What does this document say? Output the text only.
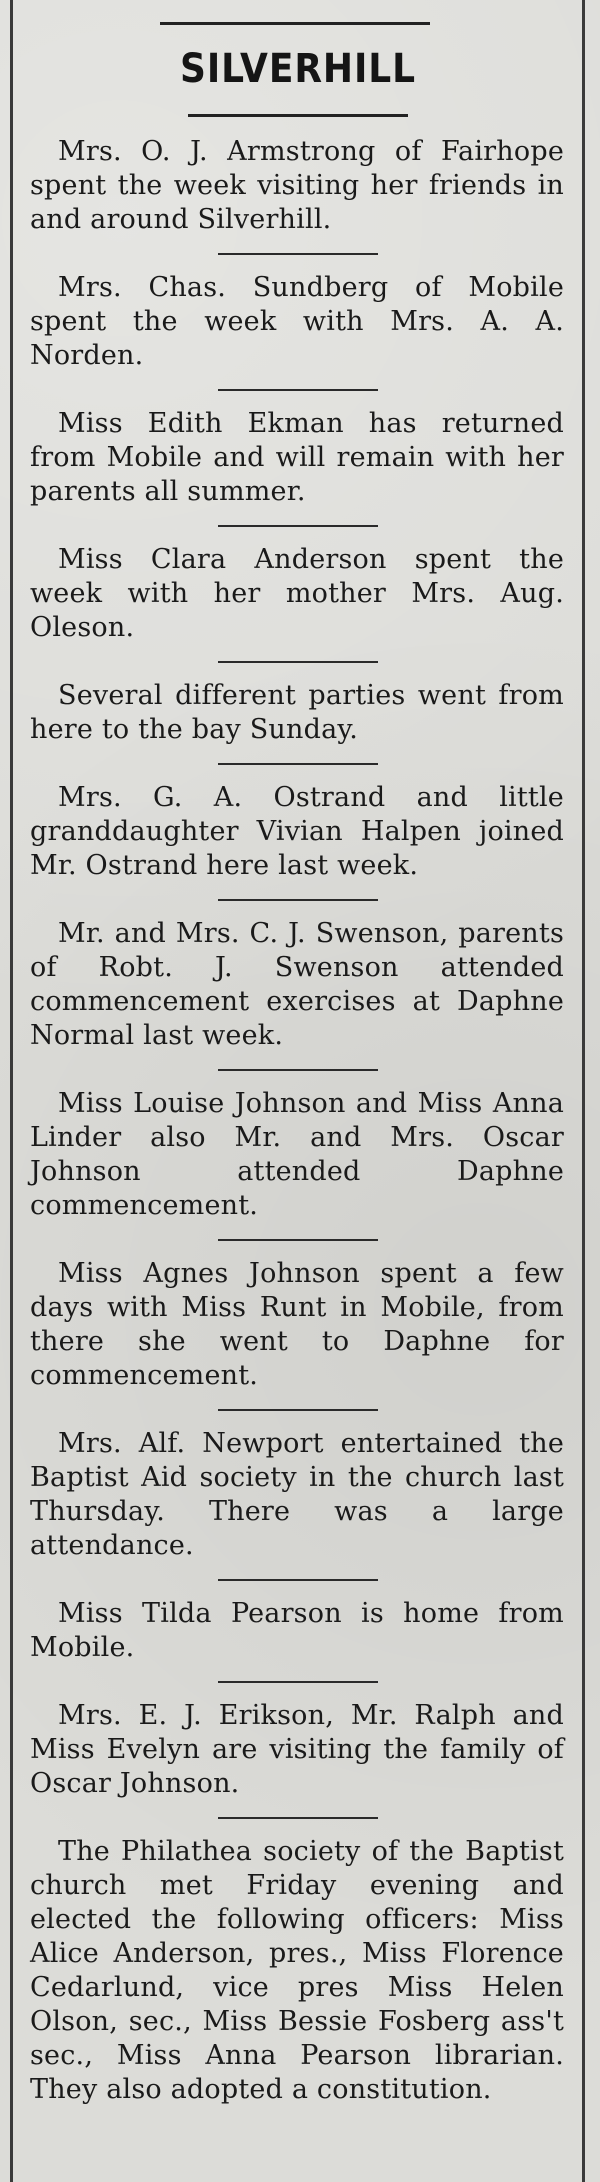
SILVERHILL

Mrs. O. J. Armstrong of Fairhope spent the week visiting her friends in and around Silverhill.

Mrs. Chas. Sundberg of Mobile spent the week with Mrs. A. A. Norden.

Miss Edith Ekman has returned from Mobile and will remain with her parents all summer.

Miss Clara Anderson spent the week with her mother Mrs. Aug. Oleson.

Several different parties went from here to the bay Sunday.

Mrs. G. A. Ostrand and little granddaughter Vivian Halpen joined Mr. Ostrand here last week.

Mr. and Mrs. C. J. Swenson, parents of Robt. J. Swenson attended commencement exercises at Daphne Normal last week.

Miss Louise Johnson and Miss Anna Linder also Mr. and Mrs. Oscar Johnson attended Daphne commencement.

Miss Agnes Johnson spent a few days with Miss Runt in Mobile, from there she went to Daphne for commencement.

Mrs. Alf. Newport entertained the Baptist Aid society in the church last Thursday. There was a large attendance.

Miss Tilda Pearson is home from Mobile.

Mrs. E. J. Erikson, Mr. Ralph and Miss Evelyn are visiting the family of Oscar Johnson.

The Philathea society of the Baptist church met Friday evening and elected the following officers: Miss Alice Anderson, pres., Miss Florence Cedarlund, vice pres Miss Helen Olson, sec., Miss Bessie Fosberg ass't sec., Miss Anna Pearson librarian. They also adopted a constitution.
